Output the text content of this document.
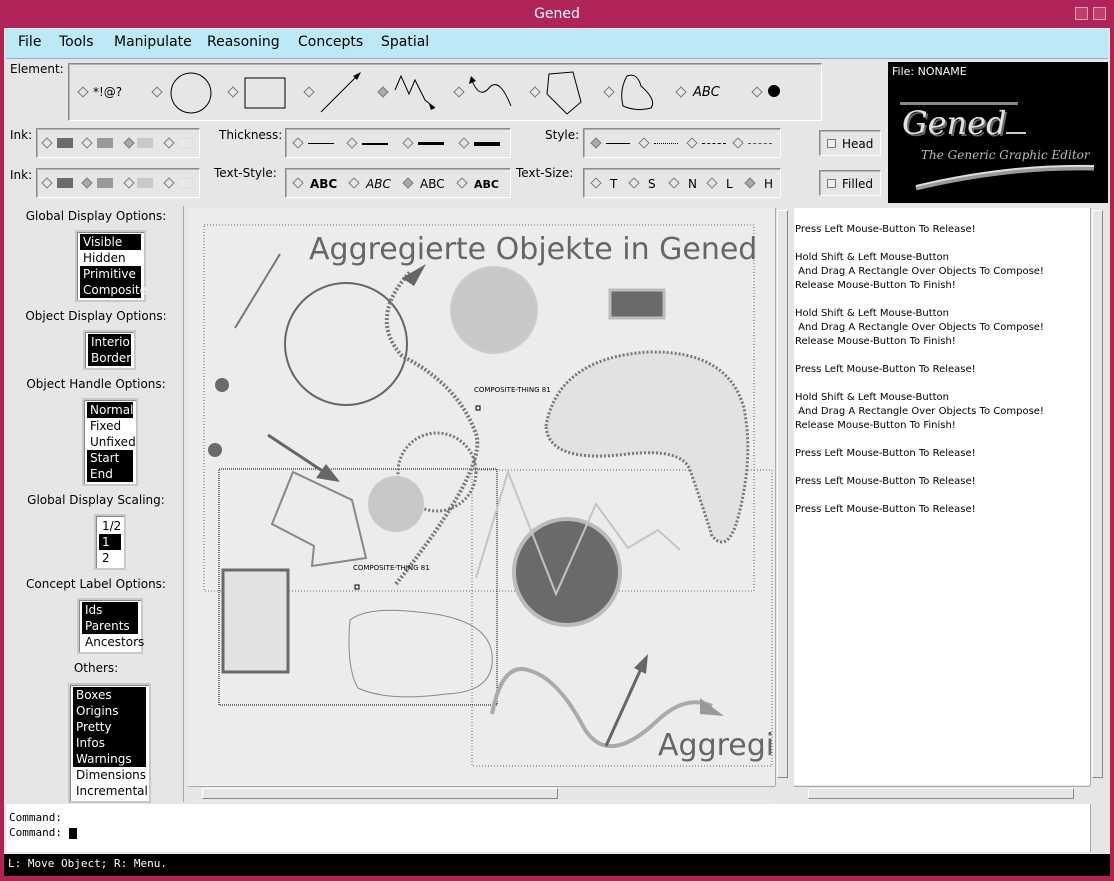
Gened
File Tools Manipulate Reasoning Concepts Spatial
Element:
*!@?	ABC
Ink:	Thickness:	Style:
Head
Ink:	Text-Style:
ABC ABC ABC	ABC
Text-Size:
T	S	N L	H	Filled
File: NONAME
Gened
The Generic Graphic Editor
Global Display Options:
Visible
Hidden
Primitive
Composite
Object Display Options:
Interior
Border
Object Handle Options:
Normal
Fixed
Unfixed
Start
End
Global Display Scaling:
1/2
1
2
Concept Label Options:
Ids
Parents
Ancestors
Others:
Boxes
Origins
Pretty
Infos
Warnings
Dimensions
Incremental
Aggregierte Objekte in Gened
Aggregi
COMPOSITE-THING 81
COMPOSITE-THING 81
Press Left Mouse-Button To Release!
Hold Shift & Left Mouse-Button
And Drag A Rectangle Over Objects To Compose!
Release Mouse-Button To Finish!
Hold Shift & Left Mouse-Button
And Drag A Rectangle Over Objects To Compose!
Release Mouse-Button To Finish!
Press Left Mouse-Button To Release!
Hold Shift & Left Mouse-Button
And Drag A Rectangle Over Objects To Compose!
Release Mouse-Button To Finish!
Press Left Mouse-Button To Release!
Press Left Mouse-Button To Release!
Press Left Mouse-Button To Release!
Command:
Command:
L: Move Object; R: Menu.
